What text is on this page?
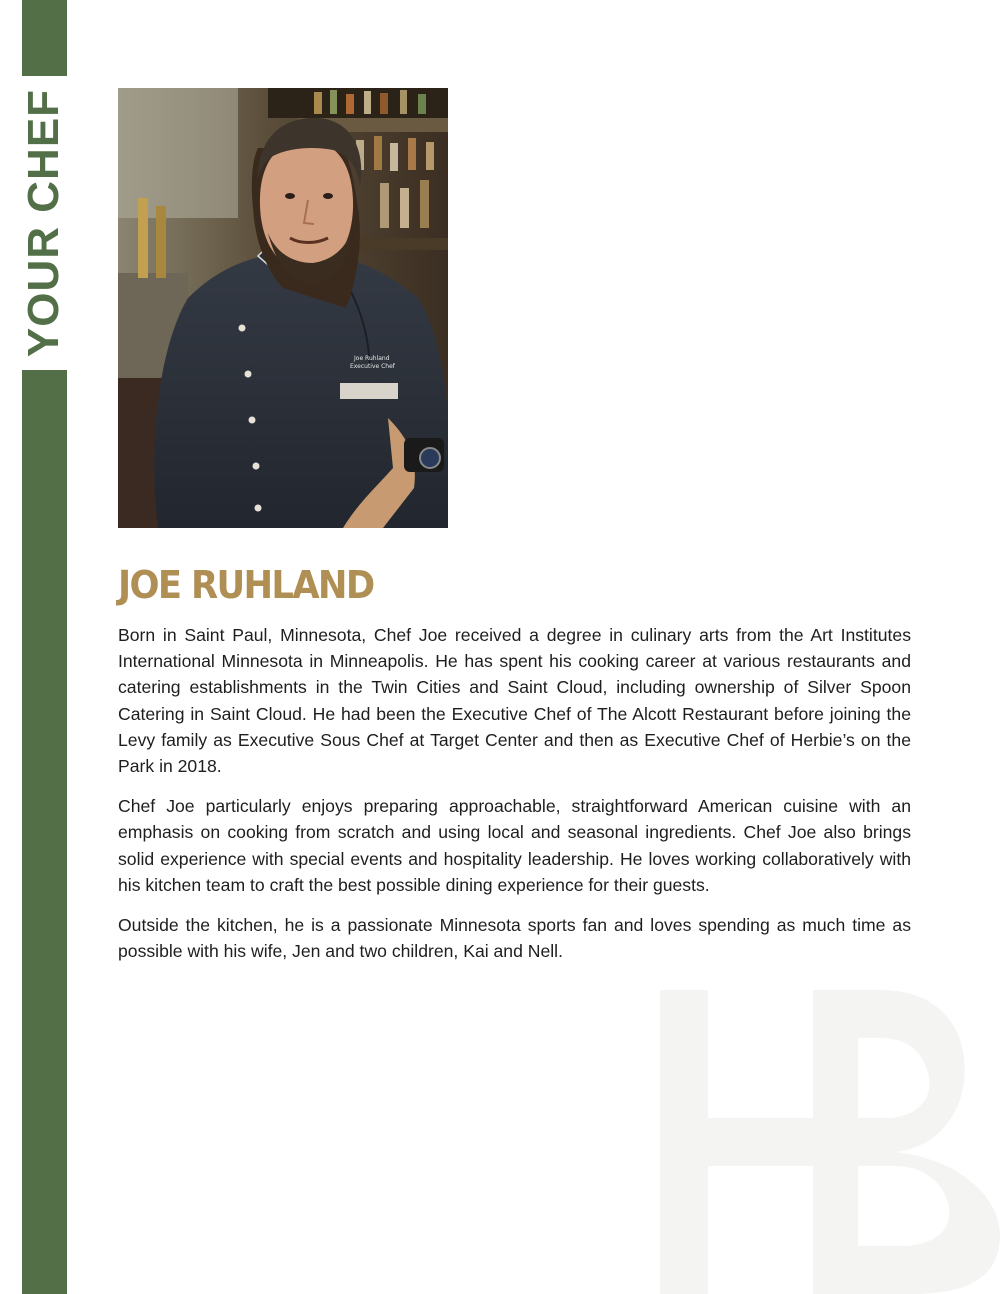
YOUR CHEF
Joe Ruhland
Executive Chef
JOE RUHLAND

Born in Saint Paul, Minnesota, Chef Joe received a degree in culinary arts from the Art Institutes International Minnesota in Minneapolis. He has spent his cooking career at various restaurants and catering establishments in the Twin Cities and Saint Cloud, including ownership of Silver Spoon Catering in Saint Cloud. He had been the Executive Chef of The Alcott Restaurant before joining the Levy family as Executive Sous Chef at Target Center and then as Executive Chef of Herbie’s on the Park in 2018.

Chef Joe particularly enjoys preparing approachable, straightforward American cuisine with an emphasis on cooking from scratch and using local and seasonal ingredients. Chef Joe also brings solid experience with special events and hospitality leadership. He loves working collaboratively with his kitchen team to craft the best possible dining experience for their guests.

Outside the kitchen, he is a passionate Minnesota sports fan and loves spending as much time as possible with his wife, Jen and two children, Kai and Nell.
